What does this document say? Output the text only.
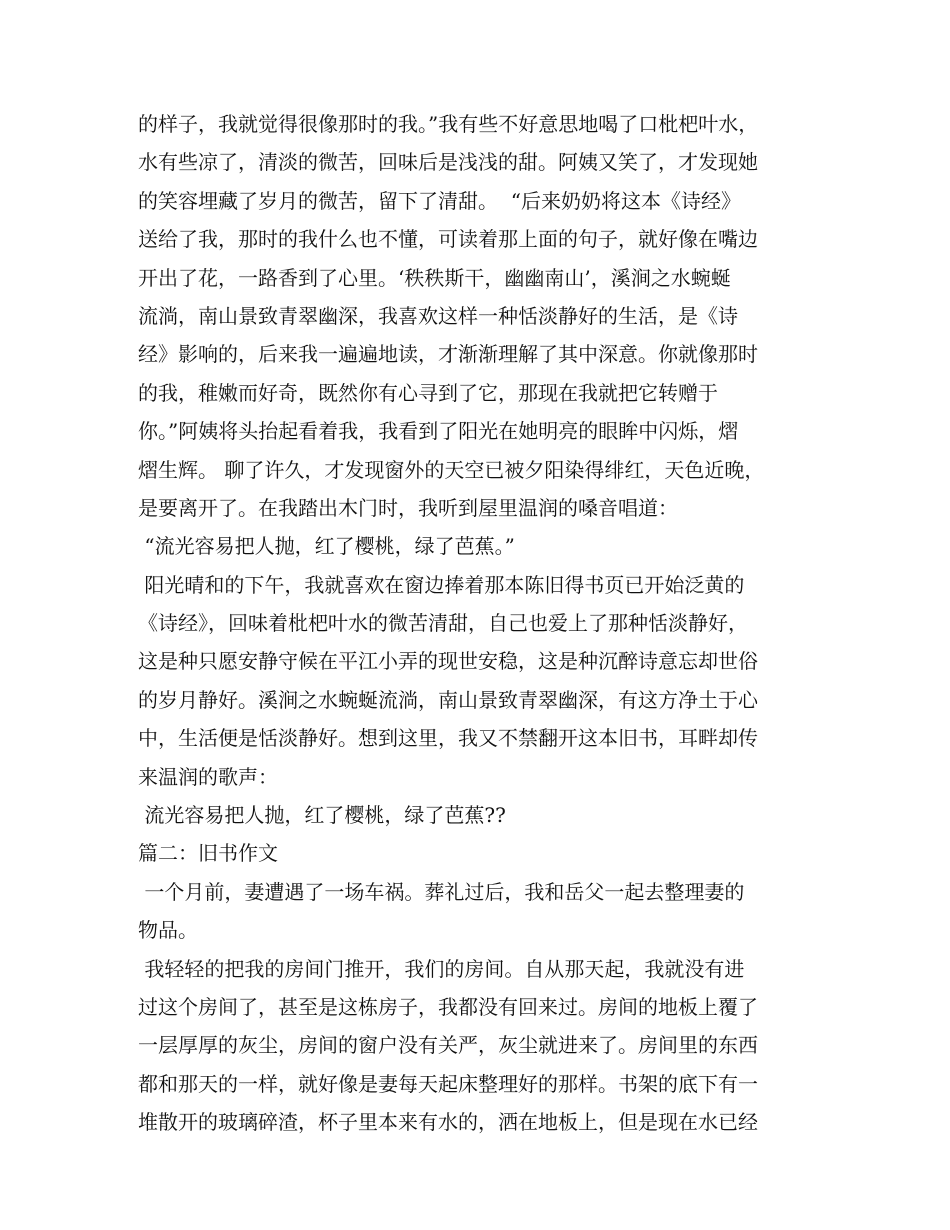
的样子，我就觉得很像那时的我。”我有些不好意思地喝了口枇杷叶水，
水有些凉了，清淡的微苦，回味后是浅浅的甜。阿姨又笑了，才发现她
的笑容埋藏了岁月的微苦，留下了清甜。  “后来奶奶将这本《诗经》
送给了我，那时的我什么也不懂，可读着那上面的句子，就好像在嘴边
开出了花，一路香到了心里。‘秩秩斯干，幽幽南山’，溪涧之水蜿蜒
流淌，南山景致青翠幽深，我喜欢这样一种恬淡静好的生活，是《诗
经》影响的，后来我一遍遍地读，才渐渐理解了其中深意。你就像那时
的我，稚嫩而好奇，既然你有心寻到了它，那现在我就把它转赠于
你。”阿姨将头抬起看着我，我看到了阳光在她明亮的眼眸中闪烁，熠
熠生辉。 聊了许久，才发现窗外的天空已被夕阳染得绯红，天色近晚，
是要离开了。在我踏出木门时，我听到屋里温润的嗓音唱道：
“流光容易把人抛，红了樱桃，绿了芭蕉。”
阳光晴和的下午，我就喜欢在窗边捧着那本陈旧得书页已开始泛黄的
《诗经》，回味着枇杷叶水的微苦清甜，自己也爱上了那种恬淡静好，
这是种只愿安静守候在平江小弄的现世安稳，这是种沉醉诗意忘却世俗
的岁月静好。溪涧之水蜿蜒流淌，南山景致青翠幽深，有这方净土于心
中，生活便是恬淡静好。想到这里，我又不禁翻开这本旧书，耳畔却传
来温润的歌声：
流光容易把人抛，红了樱桃，绿了芭蕉??
篇二：旧书作文
一个月前，妻遭遇了一场车祸。葬礼过后，我和岳父一起去整理妻的
物品。
我轻轻的把我的房间门推开，我们的房间。自从那天起，我就没有进
过这个房间了，甚至是这栋房子，我都没有回来过。房间的地板上覆了
一层厚厚的灰尘，房间的窗户没有关严，灰尘就进来了。房间里的东西
都和那天的一样，就好像是妻每天起床整理好的那样。书架的底下有一
堆散开的玻璃碎渣，杯子里本来有水的，洒在地板上，但是现在水已经
